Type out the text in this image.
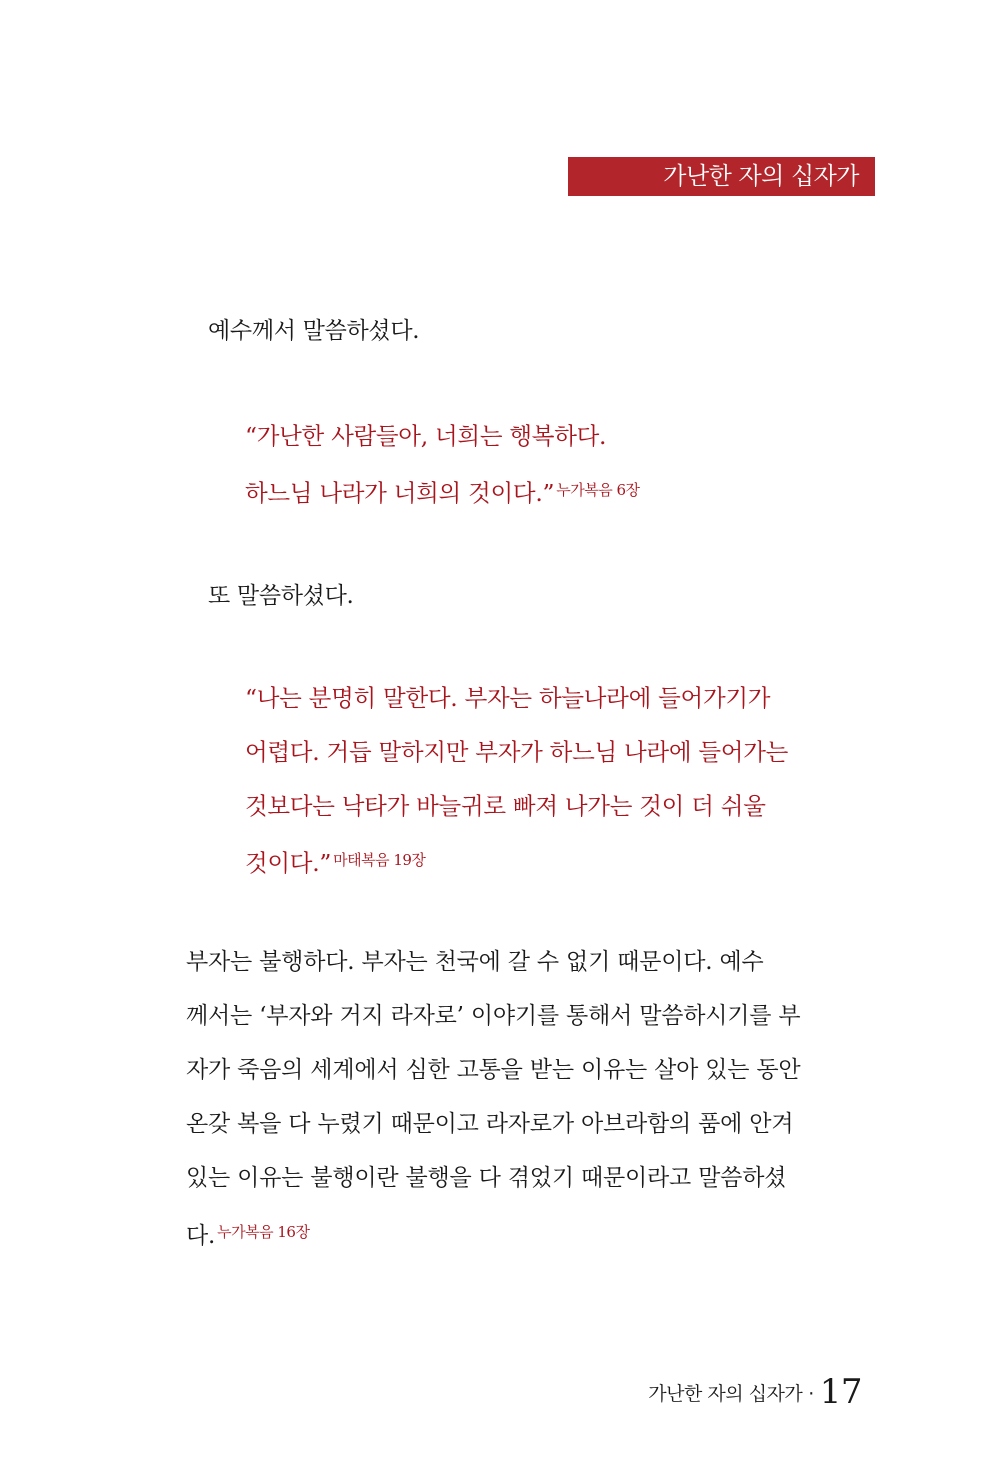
가난한 자의 십자가

예수께서 말씀하셨다.

“가난한 사람들아, 너희는 행복하다.
하느님 나라가 너희의 것이다.” $^{누가복음 6장}$

또 말씀하셨다.

“나는 분명히 말한다. 부자는 하늘나라에 들어가기가
어렵다. 거듭 말하지만 부자가 하느님 나라에 들어가는
것보다는 낙타가 바늘귀로 빠져 나가는 것이 더 쉬울
것이다.” $^{마태복음 19장}$

부자는 불행하다. 부자는 천국에 갈 수 없기 때문이다. 예수
께서는 ‘부자와 거지 라자로’ 이야기를 통해서 말씀하시기를 부
자가 죽음의 세계에서 심한 고통을 받는 이유는 살아 있는 동안
온갖 복을 다 누렸기 때문이고 라자로가 아브라함의 품에 안겨
있는 이유는 불행이란 불행을 다 겪었기 때문이라고 말씀하셨
다. $^{누가복음 16장}$

가난한 자의 십자가 · 17
